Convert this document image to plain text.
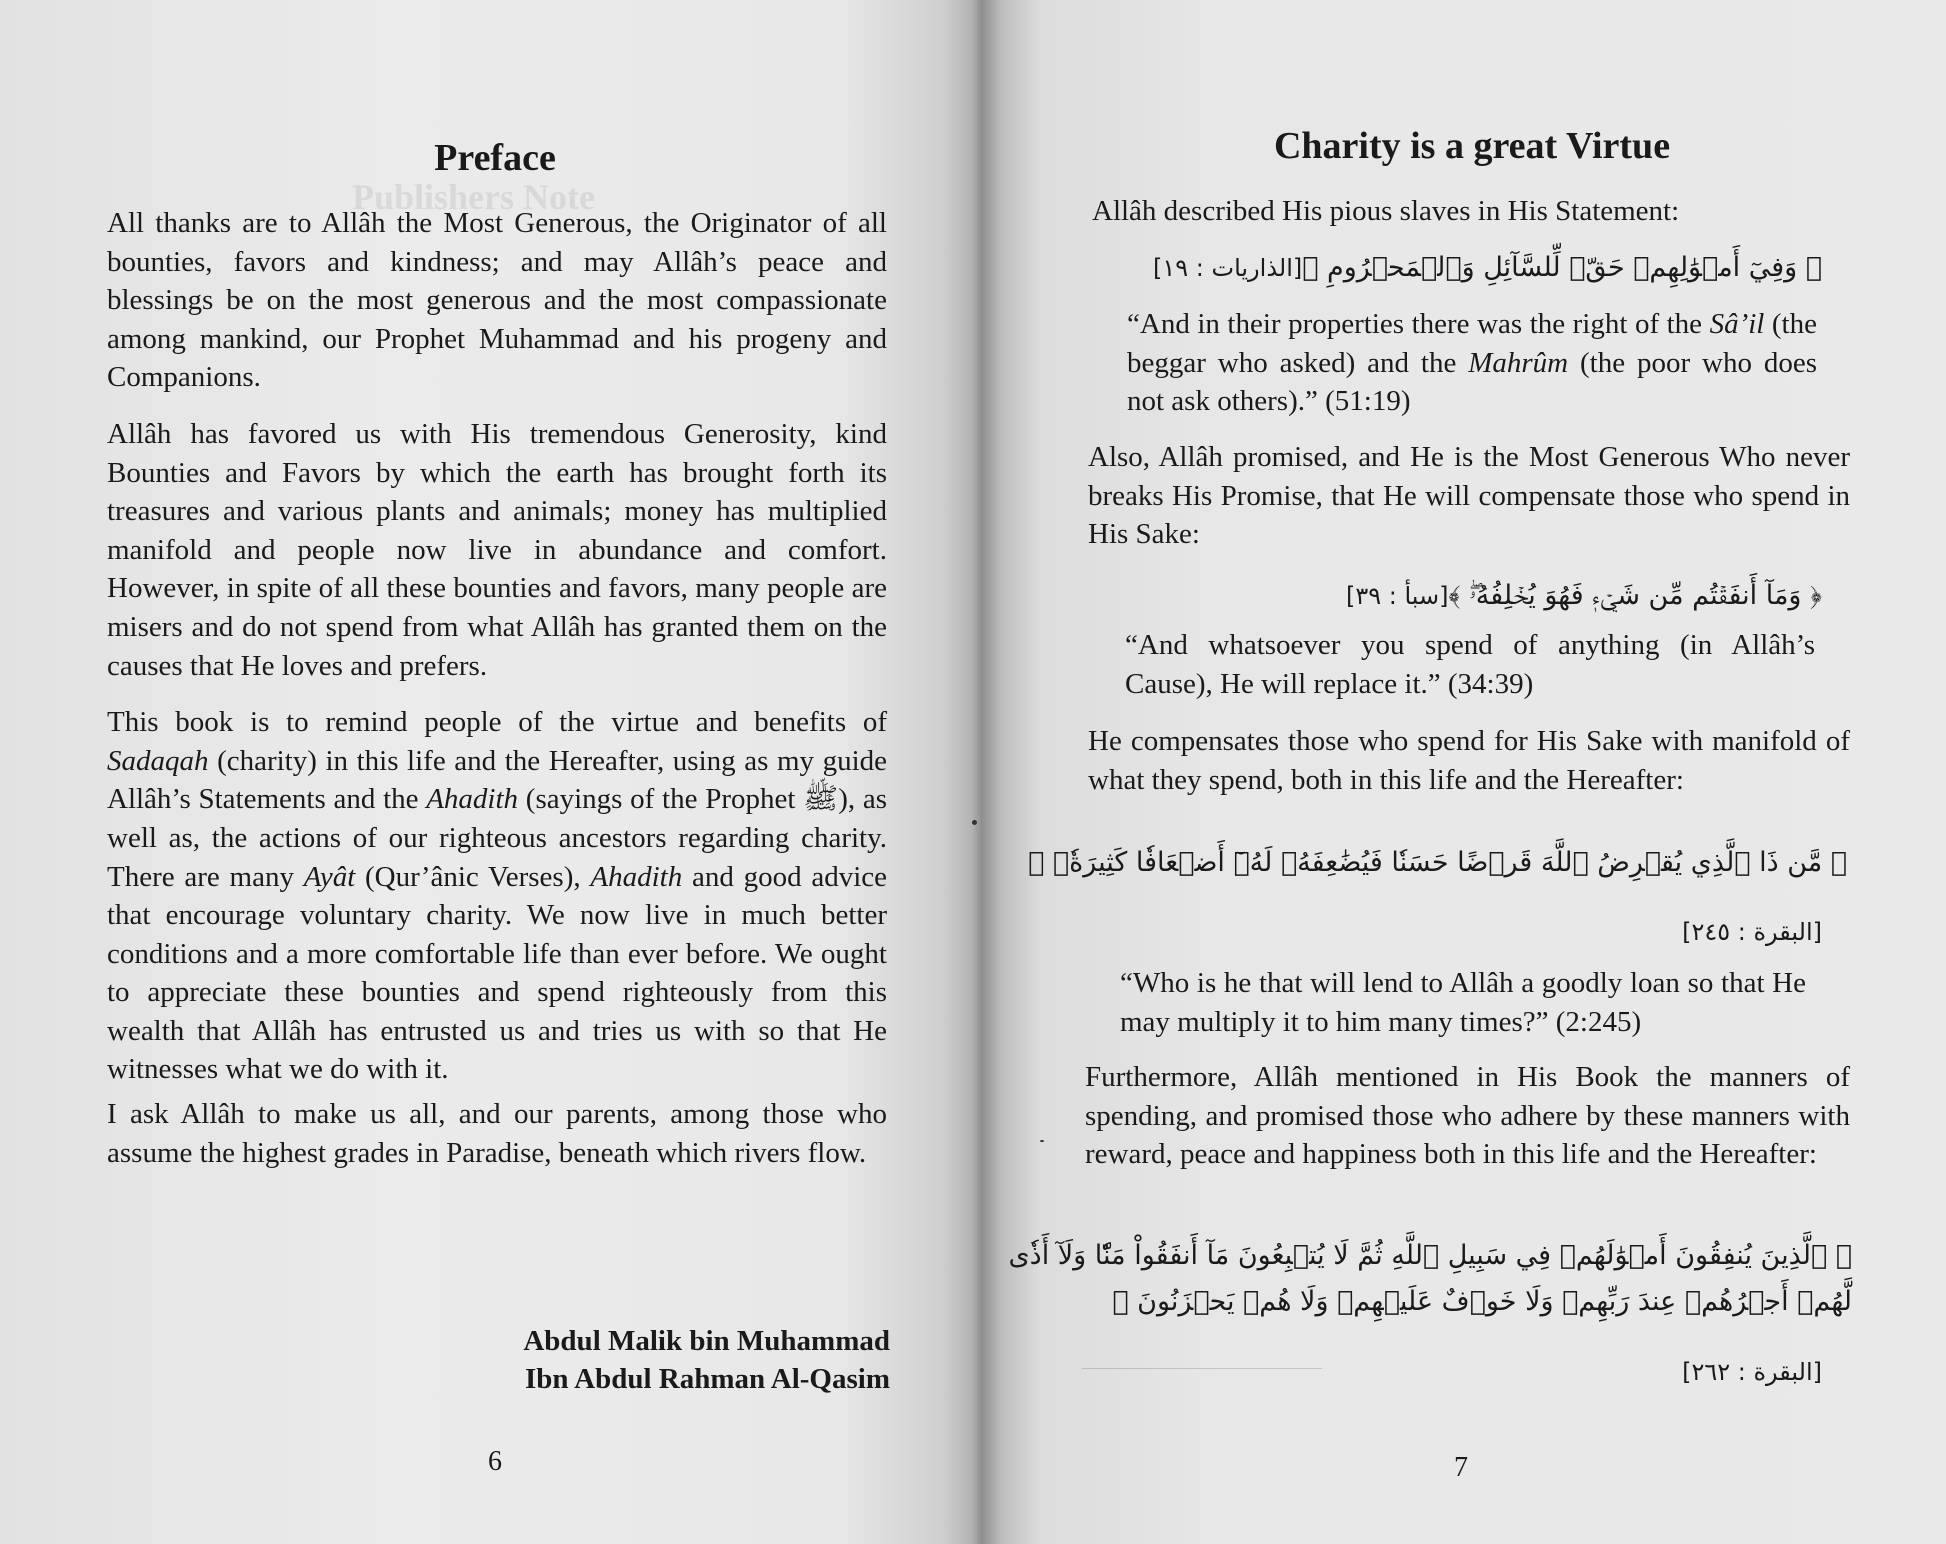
Publishers Note
Preface

All thanks are to Allâh the Most Generous, the Originator of all bounties, favors and kindness; and may Allâh’s peace and blessings be on the most generous and the most compassionate among mankind, our Prophet Muhammad and his progeny and Companions.

Allâh has favored us with His tremendous Generosity, kind Bounties and Favors by which the earth has brought forth its treasures and various plants and animals; money has multiplied manifold and people now live in abundance and comfort. However, in spite of all these bounties and favors, many people are misers and do not spend from what Allâh has granted them on the causes that He loves and prefers.

This book is to remind people of the virtue and benefits of Sadaqah (charity) in this life and the Hereafter, using as my guide Allâh’s Statements and the Ahadith (sayings of the Prophet ﷺ), as well as, the actions of our righteous ancestors regarding charity. There are many Ayât (Qur’ânic Verses), Ahadith and good advice that encourage voluntary charity. We now live in much better conditions and a more comfortable life than ever before. We ought to appreciate these bounties and spend righteously from this wealth that Allâh has entrusted us and tries us with so that He witnesses what we do with it.

I ask Allâh to make us all, and our parents, among those who assume the highest grades in Paradise, beneath which rivers flow.

Abdul Malik bin Muhammad
Ibn Abdul Rahman Al-Qasim
6
Charity is a great Virtue

Allâh described His pious slaves in His Statement:

﴿ وَفِيٓ أَمۡوَٰلِهِمۡ حَقّٞ لِّلسَّآئِلِ وَٱلۡمَحۡرُومِ ﴾[الذاريات : ١٩]

“And in their properties there was the right of the Sâ’il (the beggar who asked) and the Mahrûm (the poor who does not ask others).” (51:19)

Also, Allâh promised, and He is the Most Generous Who never breaks His Promise, that He will compensate those who spend in His Sake:

﴿ وَمَآ أَنفَقۡتُم مِّن شَيۡءٖ فَهُوَ يُخۡلِفُهُۥۖ ﴾[سبأ : ٣٩]

“And whatsoever you spend of anything (in Allâh’s Cause), He will replace it.” (34:39)

He compensates those who spend for His Sake with manifold of what they spend, both in this life and the Hereafter:

﴿ مَّن ذَا ٱلَّذِي يُقۡرِضُ ٱللَّهَ قَرۡضًا حَسَنٗا فَيُضَٰعِفَهُۥ لَهُۥٓ أَضۡعَافٗا كَثِيرَةٗۚ ﴾
[البقرة : ٢٤٥]

“Who is he that will lend to Allâh a goodly loan so that He may multiply it to him many times?” (2:245)

Furthermore, Allâh mentioned in His Book the manners of spending, and promised those who adhere by these manners with reward, peace and happiness both in this life and the Hereafter:

﴿ ٱلَّذِينَ يُنفِقُونَ أَمۡوَٰلَهُمۡ فِي سَبِيلِ ٱللَّهِ ثُمَّ لَا يُتۡبِعُونَ مَآ أَنفَقُواْ مَنّٗا وَلَآ أَذٗى
لَّهُمۡ أَجۡرُهُمۡ عِندَ رَبِّهِمۡ وَلَا خَوۡفٌ عَلَيۡهِمۡ وَلَا هُمۡ يَحۡزَنُونَ ﴾
[البقرة : ٢٦٢]
7
